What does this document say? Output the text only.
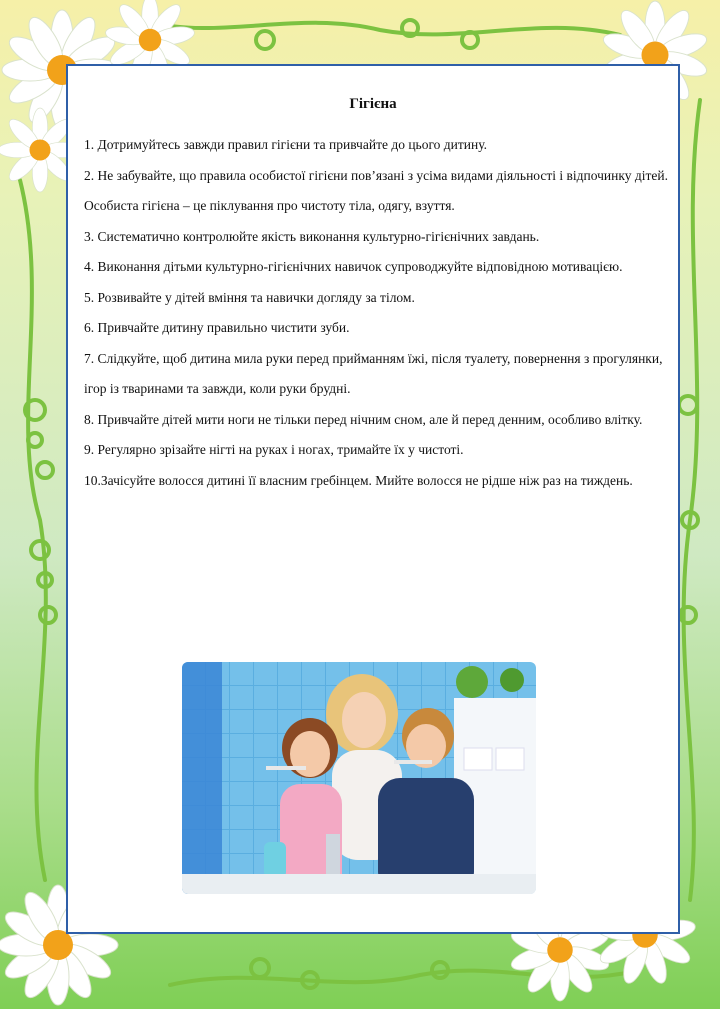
Гігієна

1. Дотримуйтесь завжди правил гігієни та привчайте до цього дитину.

2. Не забувайте, що правила особистої гігієни пов’язані з усіма видами діяльності і відпочинку дітей. Особиста гігієна – це піклування про чистоту тіла, одягу, взуття.

3. Систематично контролюйте якість виконання культурно-гігієнічних завдань.

4. Виконання дітьми культурно-гігієнічних навичок супроводжуйте відповідною мотивацією.

5. Розвивайте у дітей вміння та навички догляду за тілом.

6. Привчайте дитину правильно чистити зуби.

7. Слідкуйте, щоб дитина мила руки перед прийманням їжі, після туалету, повернення з прогулянки, ігор із тваринами та завжди, коли руки брудні.

8. Привчайте дітей мити ноги не тільки перед нічним сном, але й перед денним, особливо влітку.

9. Регулярно зрізайте нігті на руках і ногах, тримайте їх у чистоті.

10.Зачісуйте волосся дитині її власним гребінцем. Мийте волосся не рідше ніж раз на тиждень.
